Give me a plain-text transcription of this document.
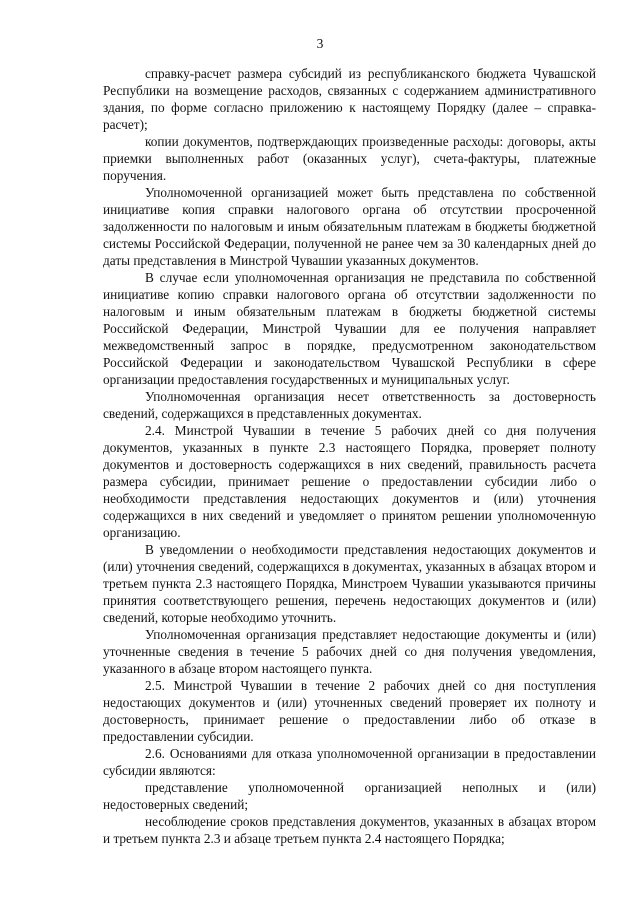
3

справку-расчет размера субсидий из республиканского бюджета Чувашской Республики на возмещение расходов, связанных с содержанием административного здания, по форме согласно приложению к настоящему Порядку (далее – справка-расчет);

копии документов, подтверждающих произведенные расходы: договоры, акты приемки выполненных работ (оказанных услуг), счета-фактуры, платежные поручения.

Уполномоченной организацией может быть представлена по собственной инициативе копия справки налогового органа об отсутствии просроченной задолженности по налоговым и иным обязательным платежам в бюджеты бюджетной системы Российской Федерации, полученной не ранее чем за 30 календарных дней до даты представления в Минстрой Чувашии указанных документов.

В случае если уполномоченная организация не представила по собственной инициативе копию справки налогового органа об отсутствии задолженности по налоговым и иным обязательным платежам в бюджеты бюджетной системы Российской Федерации, Минстрой Чувашии для ее получения направляет межведомственный запрос в порядке, предусмотренном законодательством Российской Федерации и законодательством Чувашской Республики в сфере организации предоставления государственных и муниципальных услуг.

Уполномоченная организация несет ответственность за достоверность сведений, содержащихся в представленных документах.

2.4. Минстрой Чувашии в течение 5 рабочих дней со дня получения документов, указанных в пункте 2.3 настоящего Порядка, проверяет полноту документов и достоверность содержащихся в них сведений, правильность расчета размера субсидии, принимает решение о предоставлении субсидии либо о необходимости представления недостающих документов и (или) уточнения содержащихся в них сведений и уведомляет о принятом решении уполномоченную организацию.

В уведомлении о необходимости представления недостающих документов и (или) уточнения сведений, содержащихся в документах, указанных в абзацах втором и третьем пункта 2.3 настоящего Порядка, Минстроем Чувашии указываются причины принятия соответствующего решения, перечень недостающих документов и (или) сведений, которые необходимо уточнить.

Уполномоченная организация представляет недостающие документы и (или) уточненные сведения в течение 5 рабочих дней со дня получения уведомления, указанного в абзаце втором настоящего пункта.

2.5. Минстрой Чувашии в течение 2 рабочих дней со дня поступления недостающих документов и (или) уточненных сведений проверяет их полноту и достоверность, принимает решение о предоставлении либо об отказе в предоставлении субсидии.

2.6. Основаниями для отказа уполномоченной организации в предоставлении субсидии являются:

представление уполномоченной организацией неполных и (или) недостоверных сведений;

несоблюдение сроков представления документов, указанных в абзацах втором и третьем пункта 2.3 и абзаце третьем пункта 2.4 настоящего Порядка;
